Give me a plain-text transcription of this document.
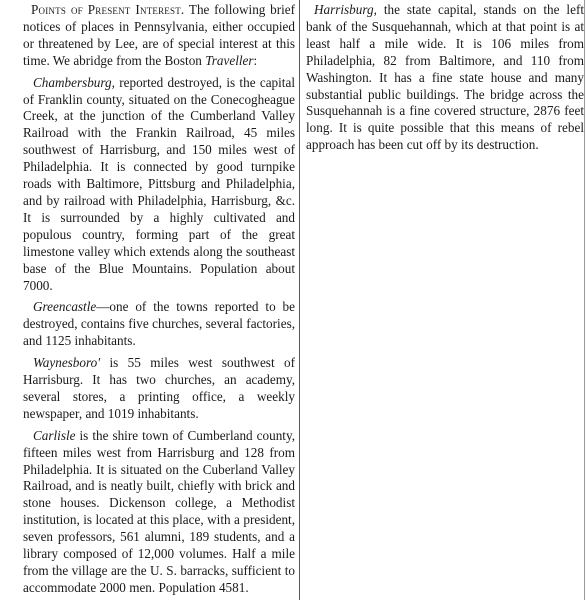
Points of Present Interest. The following brief notices of places in Pennsylvania, either occupied or threatened by Lee, are of special interest at this time. We abridge from the Boston Traveller:

Chambersburg, reported destroyed, is the capital of Franklin county, situated on the Conecogheague Creek, at the junction of the Cumberland Valley Railroad with the Frankin Railroad, 45 miles southwest of Harrisburg, and 150 miles west of Philadelphia. It is connected by good turnpike roads with Baltimore, Pittsburg and Philadelphia, and by railroad with Philadelphia, Harrisburg, &c. It is surrounded by a highly cultivated and populous country, forming part of the great limestone valley which extends along the southeast base of the Blue Mountains. Population about 7000.

Greencastle—one of the towns reported to be destroyed, contains five churches, several factories, and 1125 inhabitants.

Waynesboro' is 55 miles west southwest of Harrisburg. It has two churches, an academy, several stores, a printing office, a weekly newspaper, and 1019 inhabitants.

Carlisle is the shire town of Cumberland county, fifteen miles west from Harrisburg and 128 from Philadelphia. It is situated on the Cuberland Valley Railroad, and is neatly built, chiefly with brick and stone houses. Dickenson college, a Methodist institution, is located at this place, with a president, seven professors, 561 alumni, 189 students, and a library composed of 12,000 volumes. Half a mile from the village are the U. S. barracks, sufficient to accommodate 2000 men. Population 4581.

Harrisburg, the state capital, stands on the left bank of the Susquehannah, which at that point is at least half a mile wide. It is 106 miles from Philadelphia, 82 from Baltimore, and 110 from Washington. It has a fine state house and many substantial public buildings. The bridge across the Susquehannah is a fine covered structure, 2876 feet long. It is quite possible that this means of rebel approach has been cut off by its destruction.
